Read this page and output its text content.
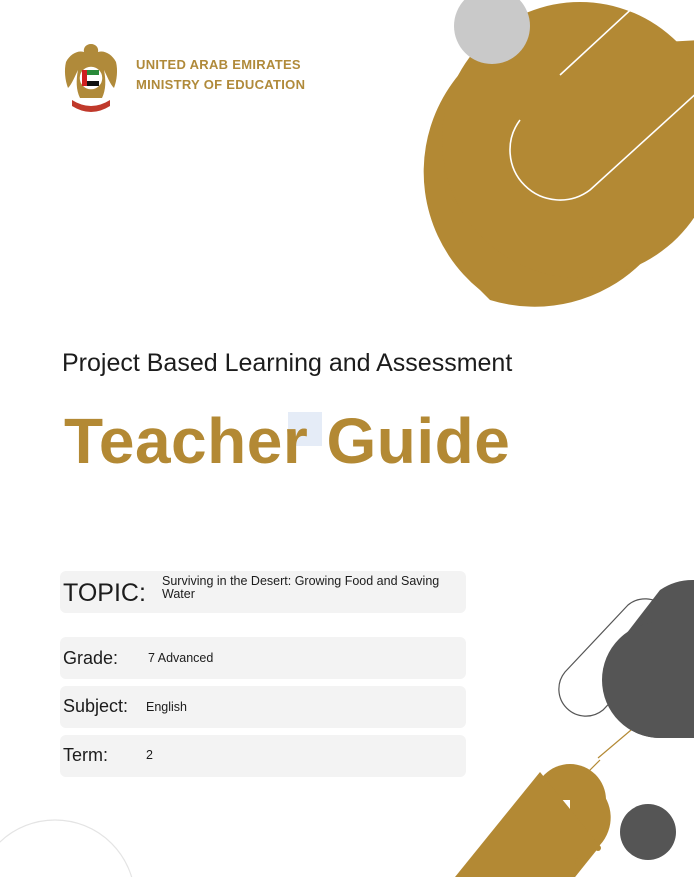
UNITED ARAB EMIRATES
MINISTRY OF EDUCATION
Project Based Learning and Assessment
Teacher Guide
TOPIC: Surviving in the Desert: Growing Food and Saving Water
Grade: 7 Advanced
Subject: English
Term:	2
